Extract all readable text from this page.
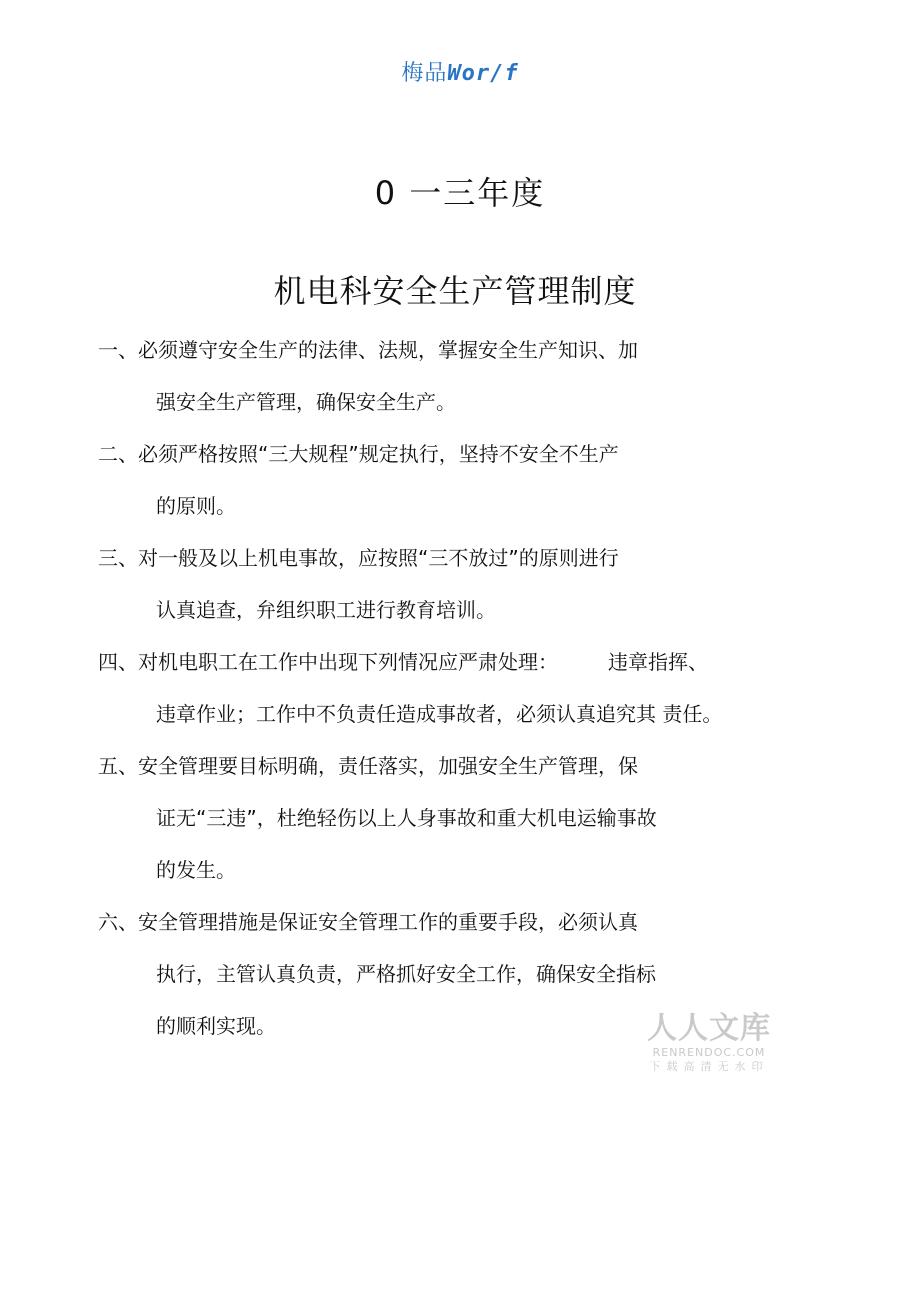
梅品Wor/f
0 一三年度
机电科安全生产管理制度
一、必须遵守安全生产的法律、法规，掌握安全生产知识、加
强安全生产管理，确保安全生产。
二、必须严格按照“三大规程”规定执行，坚持不安全不生产
的原则。
三、对一般及以上机电事故，应按照“三不放过”的原则进行
认真追查，弁组织职工进行教育培训。
四、对机电职工在工作中出现下列情况应严肃处理：　　　违章指挥、
违章作业；工作中不负责任造成事故者，必须认真追究其 责任。
五、安全管理要目标明确，责任落实，加强安全生产管理，保
证无“三违”，杜绝轻伤以上人身事故和重大机电运输事故
的发生。
六、安全管理措施是保证安全管理工作的重要手段，必须认真
执行，主管认真负责，严格抓好安全工作，确保安全指标
的顺利实现。	人人文库
RENRENDOC.COM
下载高清无水印
